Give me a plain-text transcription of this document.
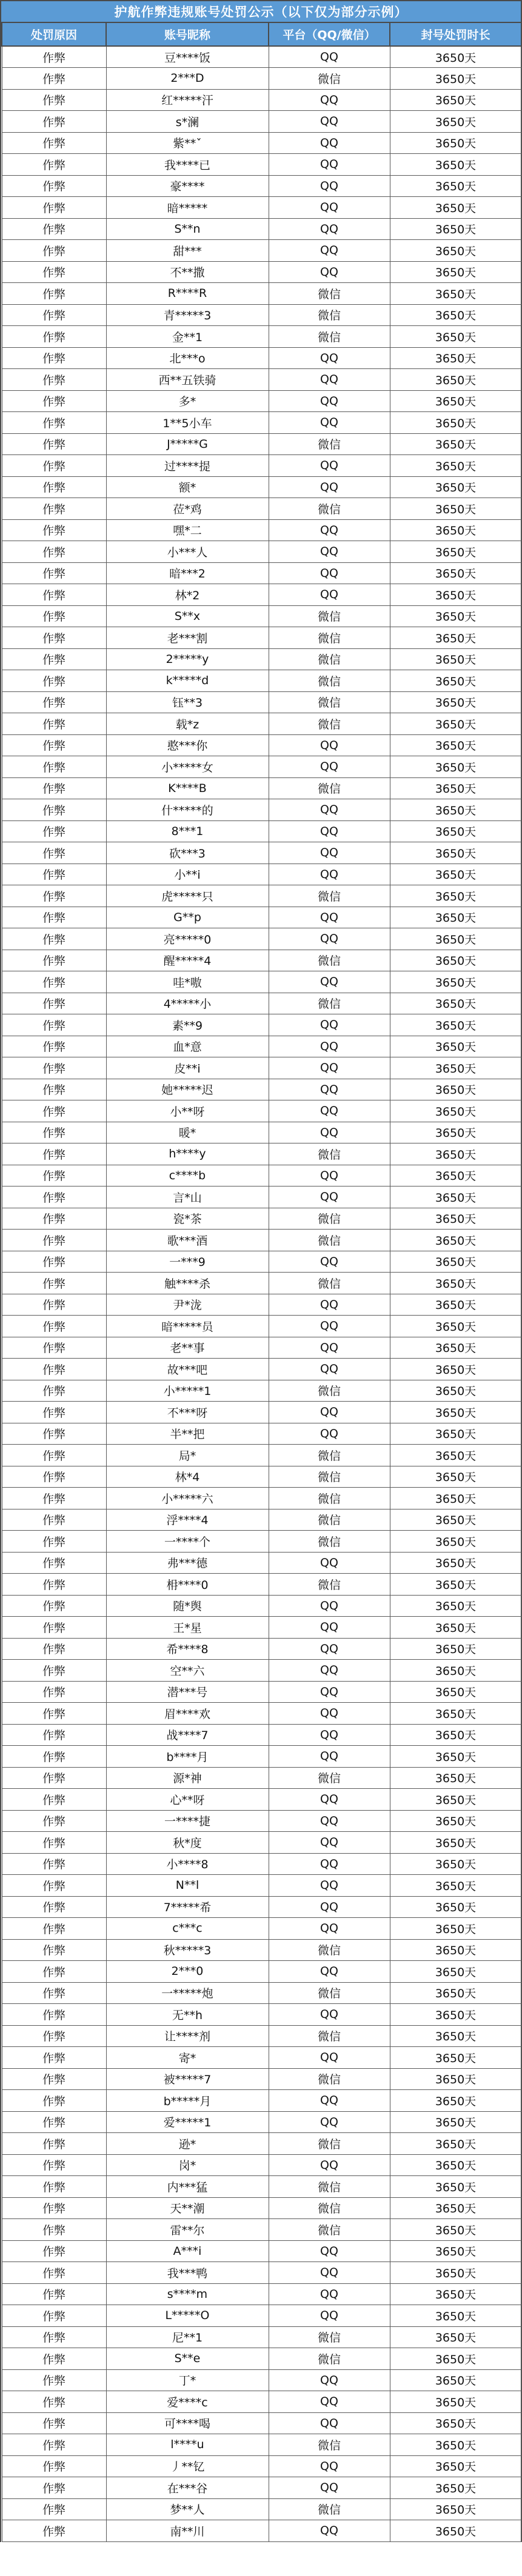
护航作弊违规账号处罚公示（以下仅为部分示例）
处罚原因	账号昵称	平台（QQ/微信）	封号处罚时长
作弊	豆****饭	QQ	3650天
作弊	2***D	微信	3650天
作弊	红*****汗	QQ	3650天
作弊	s*澜	QQ	3650天
作弊	紫**ˇ	QQ	3650天
作弊	我****已	QQ	3650天
作弊	豪****	QQ	3650天
作弊	暗*****	QQ	3650天
作弊	S**n	QQ	3650天
作弊	甜***	QQ	3650天
作弊	不**撒	QQ	3650天
作弊	R****R	微信	3650天
作弊	青*****3	微信	3650天
作弊	金**1	微信	3650天
作弊	北***o	QQ	3650天
作弊	西**五铁骑	QQ	3650天
作弊	多*	QQ	3650天
作弊	1**5小车	QQ	3650天
作弊	J*****G	微信	3650天
作弊	过****提	QQ	3650天
作弊	额*	QQ	3650天
作弊	莅*鸡	微信	3650天
作弊	嘿*二	QQ	3650天
作弊	小***人	QQ	3650天
作弊	暗***2	QQ	3650天
作弊	林*2	QQ	3650天
作弊	S**x	微信	3650天
作弊	老***割	微信	3650天
作弊	2*****y	微信	3650天
作弊	k*****d	微信	3650天
作弊	钰**3	微信	3650天
作弊	载*z	微信	3650天
作弊	憨***你	QQ	3650天
作弊	小*****女	QQ	3650天
作弊	K****B	微信	3650天
作弊	什*****的	QQ	3650天
作弊	8***1	QQ	3650天
作弊	砍***3	QQ	3650天
作弊	小**i	QQ	3650天
作弊	虎*****只	微信	3650天
作弊	G**p	QQ	3650天
作弊	亮*****0	QQ	3650天
作弊	醒*****4	微信	3650天
作弊	哇*嗷	QQ	3650天
作弊	4*****小	微信	3650天
作弊	素**9	QQ	3650天
作弊	血*意	QQ	3650天
作弊	皮**i	QQ	3650天
作弊	她*****迟	QQ	3650天
作弊	小**呀	QQ	3650天
作弊	暖*	QQ	3650天
作弊	h****y	微信	3650天
作弊	c****b	QQ	3650天
作弊	言*山	QQ	3650天
作弊	瓷*茶	微信	3650天
作弊	歌***酒	微信	3650天
作弊	一***9	QQ	3650天
作弊	触****杀	微信	3650天
作弊	尹*泷	QQ	3650天
作弊	暗*****员	QQ	3650天
作弊	老**事	QQ	3650天
作弊	故***吧	QQ	3650天
作弊	小*****1	微信	3650天
作弊	不***呀	QQ	3650天
作弊	半**把	QQ	3650天
作弊	局*	微信	3650天
作弊	林*4	微信	3650天
作弊	小*****六	微信	3650天
作弊	浮****4	微信	3650天
作弊	一****个	微信	3650天
作弊	弗***德	QQ	3650天
作弊	枏****0	微信	3650天
作弊	随*舆	QQ	3650天
作弊	王*星	QQ	3650天
作弊	希****8	QQ	3650天
作弊	空**六	QQ	3650天
作弊	潜***号	QQ	3650天
作弊	眉****欢	QQ	3650天
作弊	战****7	QQ	3650天
作弊	b****月	QQ	3650天
作弊	源*神	微信	3650天
作弊	心**呀	QQ	3650天
作弊	一****捷	QQ	3650天
作弊	秋*度	QQ	3650天
作弊	小****8	QQ	3650天
作弊	N**l	QQ	3650天
作弊	7*****希	QQ	3650天
作弊	c***c	QQ	3650天
作弊	秋*****3	微信	3650天
作弊	2***0	QQ	3650天
作弊	一*****炮	微信	3650天
作弊	无**h	QQ	3650天
作弊	让****剂	微信	3650天
作弊	寄*	QQ	3650天
作弊	被*****7	微信	3650天
作弊	b*****月	QQ	3650天
作弊	爱*****1	QQ	3650天
作弊	逊*	微信	3650天
作弊	岗*	QQ	3650天
作弊	内***猛	微信	3650天
作弊	天**潮	微信	3650天
作弊	雷**尔	微信	3650天
作弊	A***i	QQ	3650天
作弊	我***鸭	QQ	3650天
作弊	s****m	QQ	3650天
作弊	L*****O	QQ	3650天
作弊	尼**1	微信	3650天
作弊	S**e	微信	3650天
作弊	丁*	QQ	3650天
作弊	爱****c	QQ	3650天
作弊	可****喝	QQ	3650天
作弊	l****u	微信	3650天
作弊	丿**钇	QQ	3650天
作弊	在***谷	QQ	3650天
作弊	梦**人	微信	3650天
作弊	南**川	QQ	3650天
